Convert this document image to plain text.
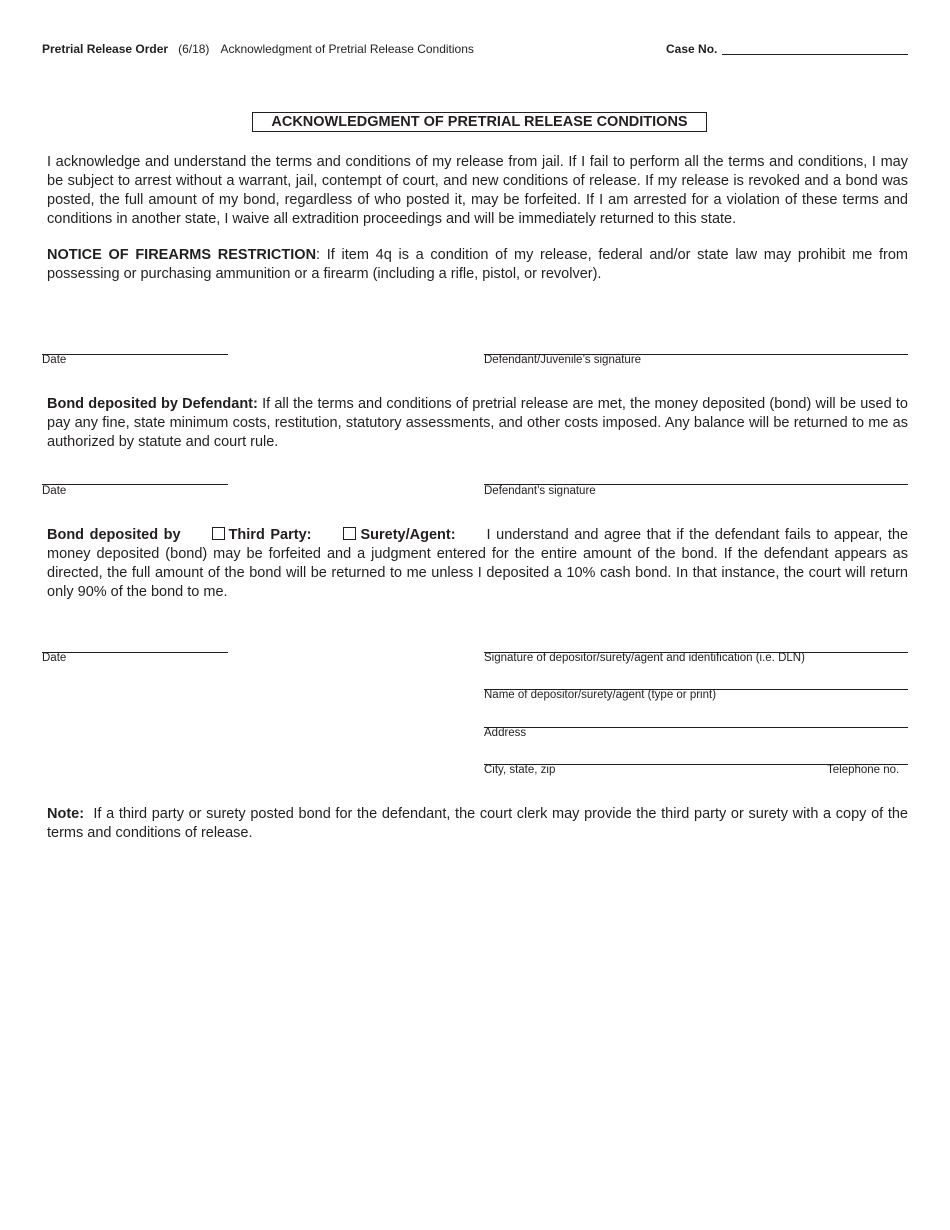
Pretrial Release Order (6/18) Acknowledgment of Pretrial Release Conditions	Case No.
ACKNOWLEDGMENT OF PRETRIAL RELEASE CONDITIONS

I acknowledge and understand the terms and conditions of my release from jail. If I fail to perform all the terms and conditions, I may be subject to arrest without a warrant, jail, contempt of court, and new conditions of release. If my release is revoked and a bond was posted, the full amount of my bond, regardless of who posted it, may be forfeited. If I am arrested for a violation of these terms and conditions in another state, I waive all extradition proceedings and will be immediately returned to this state.

NOTICE OF FIREARMS RESTRICTION: If item 4q is a condition of my release, federal and/or state law may prohibit me from possessing or purchasing ammunition or a firearm (including a rifle, pistol, or revolver).

Date	Defendant/Juvenile’s signature

Bond deposited by Defendant: If all the terms and conditions of pretrial release are met, the money deposited (bond) will be used to pay any fine, state minimum costs, restitution, statutory assessments, and other costs imposed. Any balance will be returned to me as authorized by statute and court rule.

Date	Defendant’s signature
Bond deposited by	Third Party:	Surety/Agent: I understand and agree that if the defendant fails to appear, the money deposited (bond) may be forfeited and a judgment entered for the entire amount of the bond. If the defendant appears as directed, the full amount of the bond will be returned to me unless I deposited a 10% cash bond. In that instance, the court will return only 90% of the bond to me.
Date	Signature of depositor/surety/agent and identification (i.e. DLN)
Name of depositor/surety/agent (type or print)
Address
City, state, zip	Telephone no.

Note: If a third party or surety posted bond for the defendant, the court clerk may provide the third party or surety with a copy of the terms and conditions of release.
